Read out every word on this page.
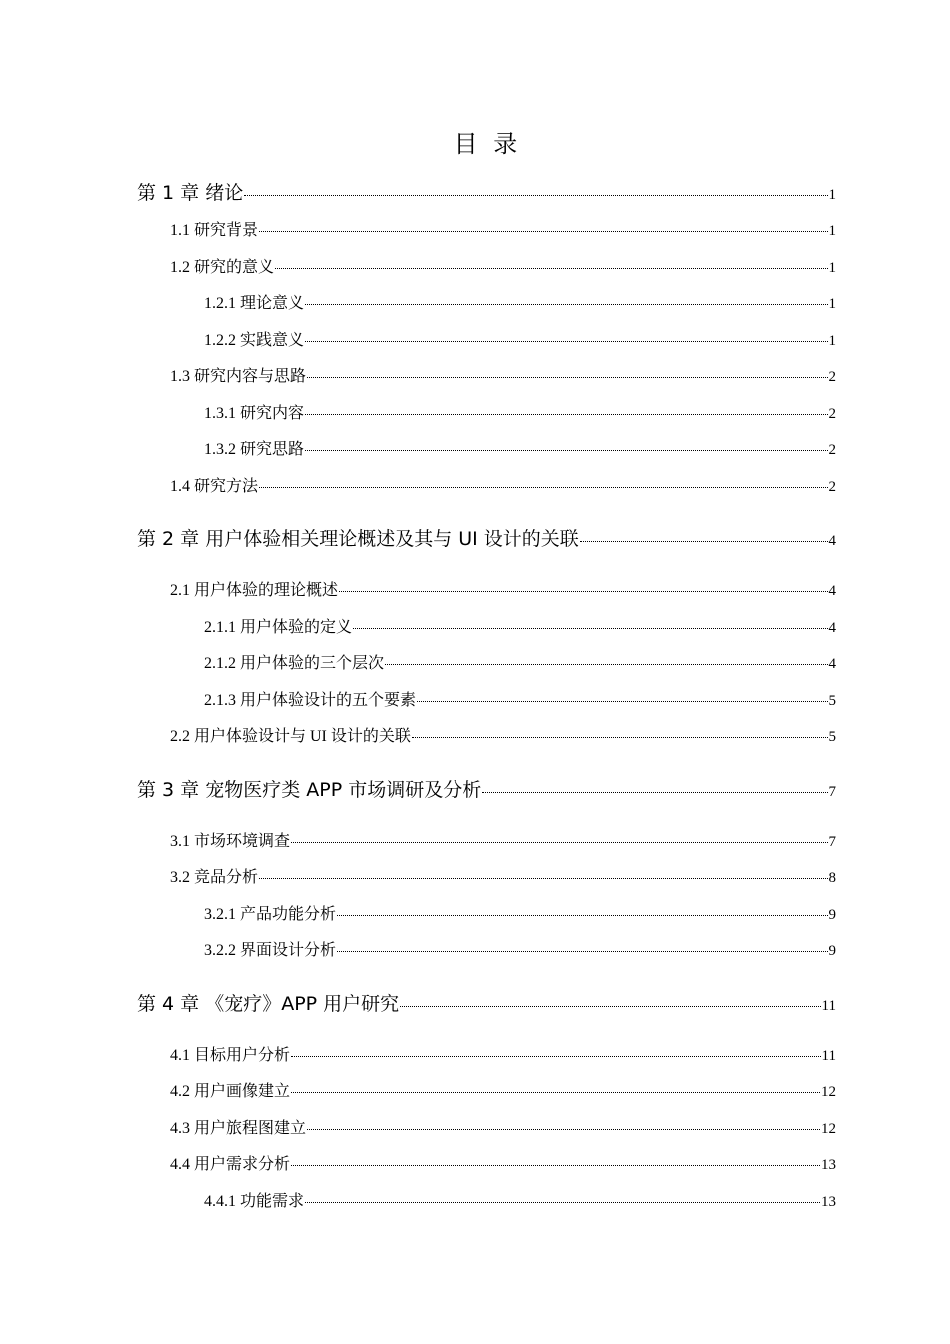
目 录
第 1 章 绪论	1
1.1 研究背景	1
1.2 研究的意义	1
1.2.1 理论意义	1
1.2.2 实践意义	1
1.3 研究内容与思路	2
1.3.1 研究内容	2
1.3.2 研究思路	2
1.4 研究方法	2
第 2 章 用户体验相关理论概述及其与 UI 设计的关联	4
2.1 用户体验的理论概述	4
2.1.1 用户体验的定义	4
2.1.2 用户体验的三个层次	4
2.1.3 用户体验设计的五个要素	5
2.2 用户体验设计与 UI 设计的关联	5
第 3 章 宠物医疗类 APP 市场调研及分析	7
3.1 市场环境调查	7
3.2 竞品分析	8
3.2.1 产品功能分析	9
3.2.2 界面设计分析	9
第 4 章 《宠疗》APP 用户研究	11
4.1 目标用户分析	11
4.2 用户画像建立	12
4.3 用户旅程图建立	12
4.4 用户需求分析	13
4.4.1 功能需求	13
